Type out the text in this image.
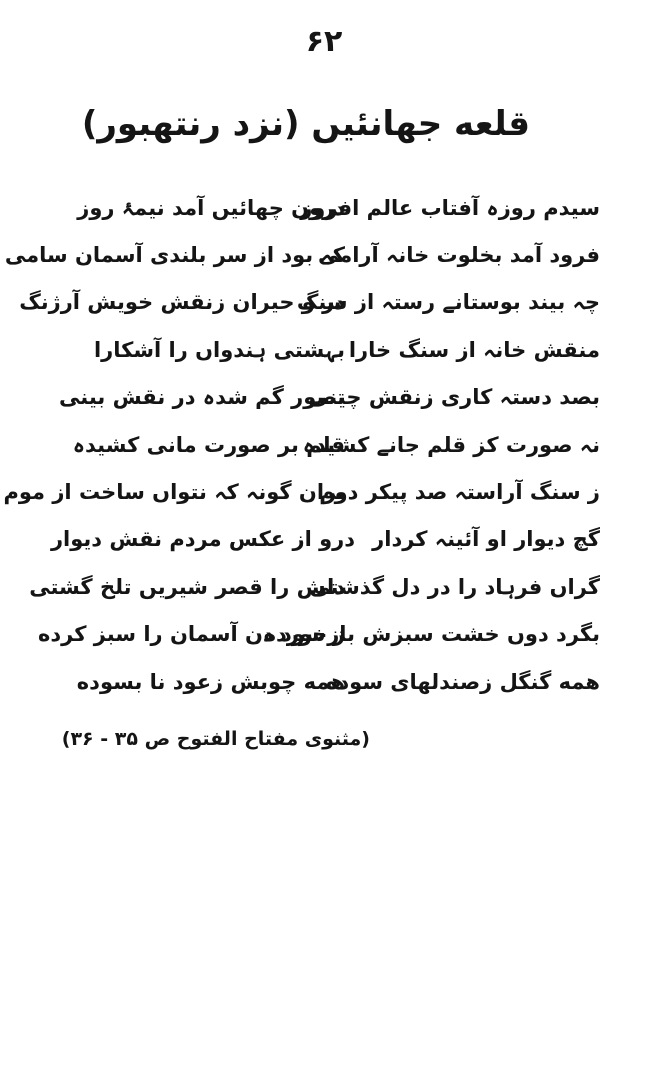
۶۲
قلعه جهانئیں (نزد رنتھبور)
سیدم روزہ آفتاب عالم افروز
درون چھائیں آمد نیمۂ روز
فرود آمد بخلوت خانہ آرامی
کہ بود از سر بلندی آسمان سامی
چہ بیند بوستانے رستہ از سنگ
در و حیران زنقش خویش آرژنگ
منقش خانہ از سنگ خارا
بہشتی ہندواں را آشکارا
بصد دستہ کاری زنقش چینی
تصور گم شدہ در نقش بینی
نہ صورت کز قلم جانے کشیدہ
قلم بر صورت مانی کشیدہ
ز سنگ آراستہ صد پیکر دوم
بران گونہ کہ نتواں ساخت از موم
گچ دیوار او آئینہ کردار
درو از عکس مردم نقش دیوار
گراں فرہاد را در دل گذشتی
دلش را قصر شیریں تلخ گشتی
بگرد دوں خشت سبزش بازخورده
ز سود دن آسمان را سبز کرده
همه گنگل زصندلهای سوده
همه چوبش زعود نا بسوده
(مثنوی مفتاح الفتوح ص ۳۵ - ۳۶)
